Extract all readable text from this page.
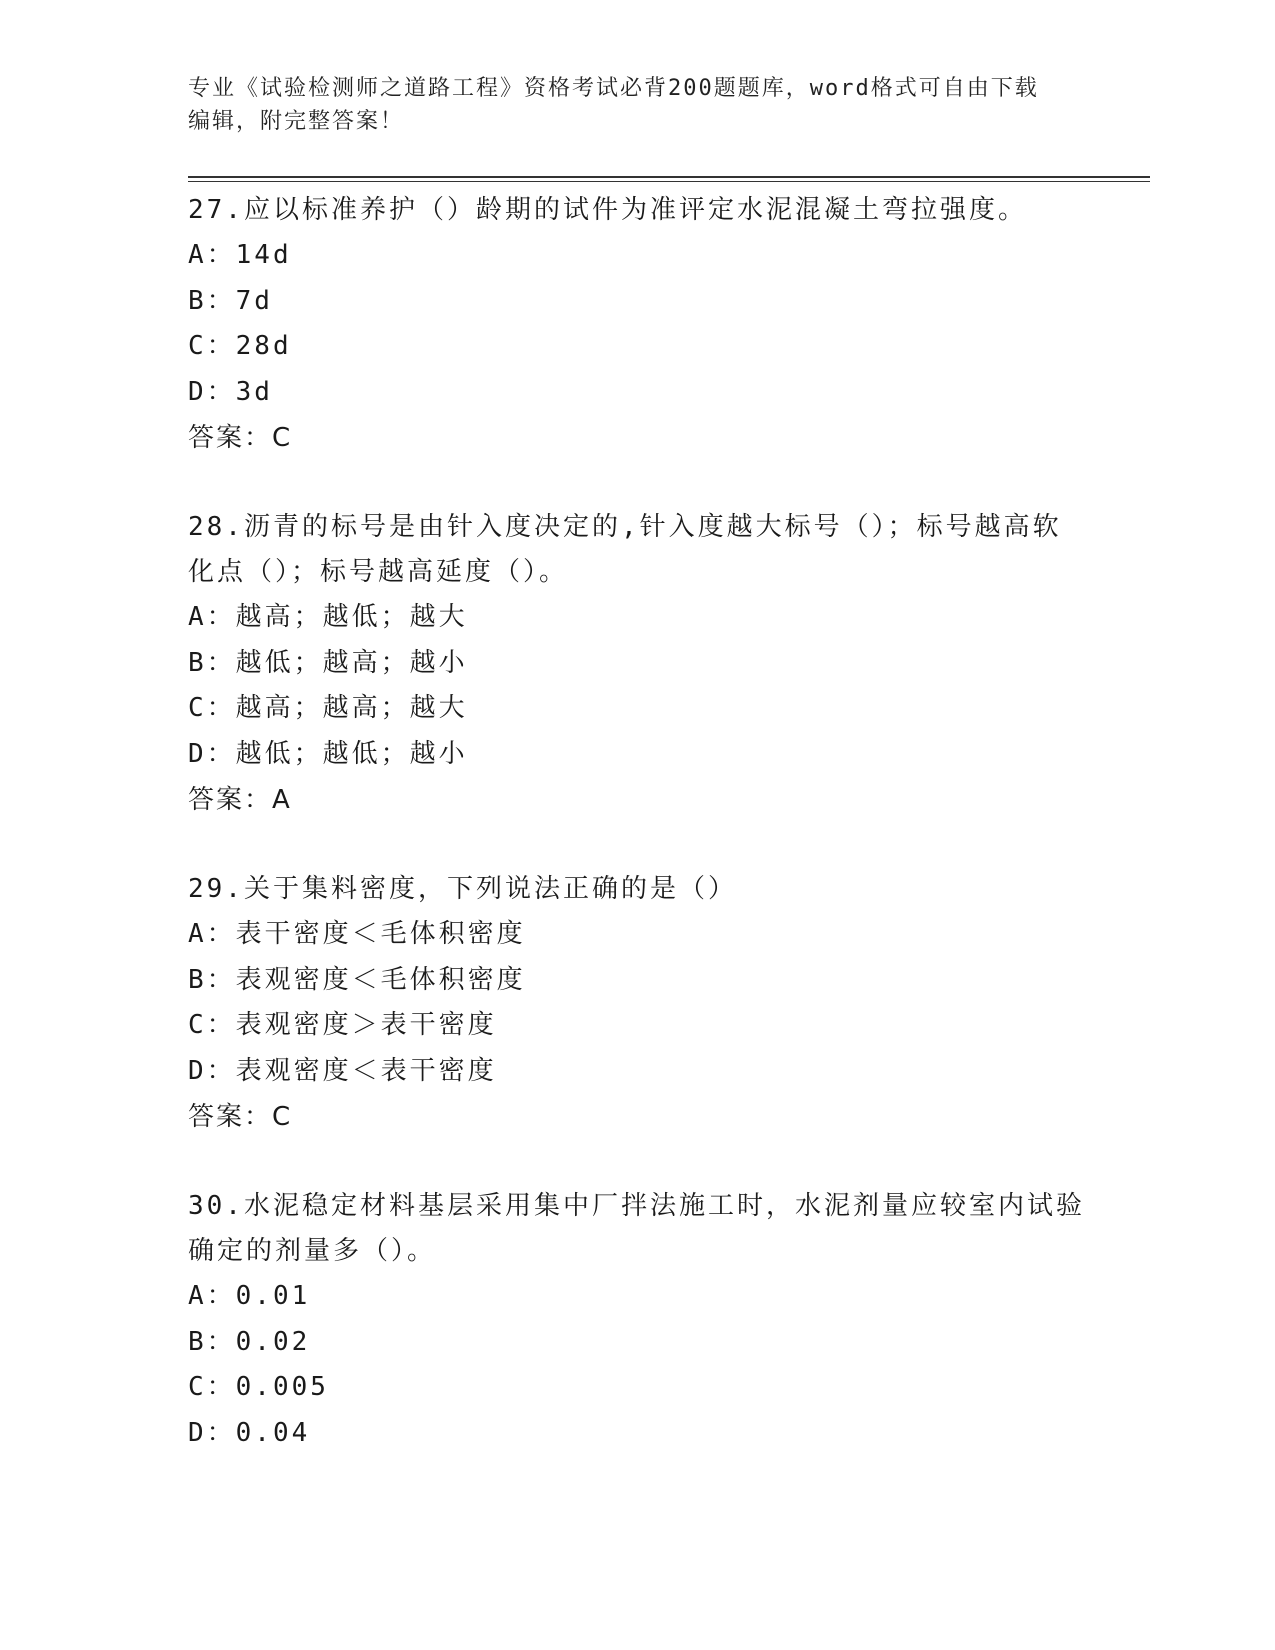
专业《试验检测师之道路工程》资格考试必背200题题库，word格式可自由下载
编辑，附完整答案！
27.应以标准养护（）龄期的试件为准评定水泥混凝土弯拉强度。
A：14d
B：7d
C：28d
D：3d
答案：C
28.沥青的标号是由针入度决定的,针入度越大标号（）；标号越高软
化点（）；标号越高延度（）。
A：越高；越低；越大
B：越低；越高；越小
C：越高；越高；越大
D：越低；越低；越小
答案：A
29.关于集料密度，下列说法正确的是（）
A：表干密度＜毛体积密度
B：表观密度＜毛体积密度
C：表观密度＞表干密度
D：表观密度＜表干密度
答案：C
30.水泥稳定材料基层采用集中厂拌法施工时，水泥剂量应较室内试验
确定的剂量多（）。
A：0.01
B：0.02
C：0.005
D：0.04
